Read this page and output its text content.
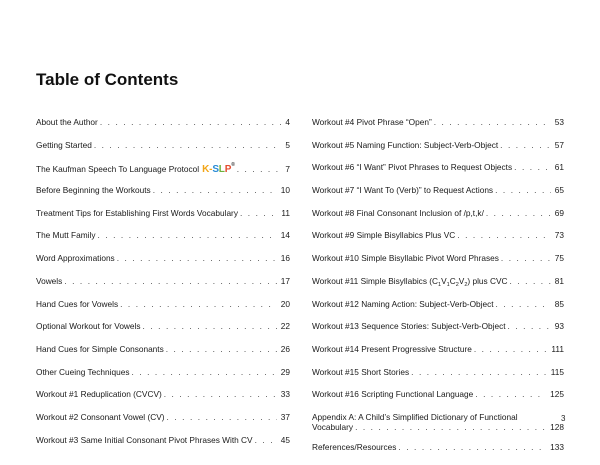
Table of Contents
About the Author . . .	4
Getting Started . . .	5
The Kaufman Speech To Language Protocol K-SLP® . . .	7
Before Beginning the Workouts . . .	10
Treatment Tips for Establishing First Words Vocabulary . . .	11
The Mutt Family . . .	14
Word Approximations . . .	16
Vowels . . .	17
Hand Cues for Vowels . . .	20
Optional Workout for Vowels . . .	22
Hand Cues for Simple Consonants . . .	26
Other Cueing Techniques . . .	29
Workout #1 Reduplication (CVCV) . . .	33
Workout #2 Consonant Vowel (CV) . . .	37
Workout #3 Same Initial Consonant Pivot Phrases With CV . . .	45
Workout #4 Pivot Phrase “Open” . . .	53
Workout #5 Naming Function: Subject-Verb-Object . . .	57
Workout #6 “I Want” Pivot Phrases to Request Objects . . .	61
Workout #7 “I Want To (Verb)” to Request Actions . . .	65
Workout #8 Final Consonant Inclusion of /p,t,k/ . . .	69
Workout #9 Simple Bisyllabics Plus VC . . .	73
Workout #10 Simple Bisyllabic Pivot Word Phrases . . .	75
Workout #11 Simple Bisyllabics $(C_1V_1C_2V_2)$ plus CVC . . .	81
Workout #12 Naming Action: Subject-Verb-Object . . .	85
Workout #13 Sequence Stories: Subject-Verb-Object . . .	93
Workout #14 Present Progressive Structure . . .	111
Workout #15 Short Stories . . .	115
Workout #16 Scripting Functional Language . . .	125
Appendix A: A Child’s Simplified Dictionary of Functional
Vocabulary . . .	128
References/Resources . . .	133
3
